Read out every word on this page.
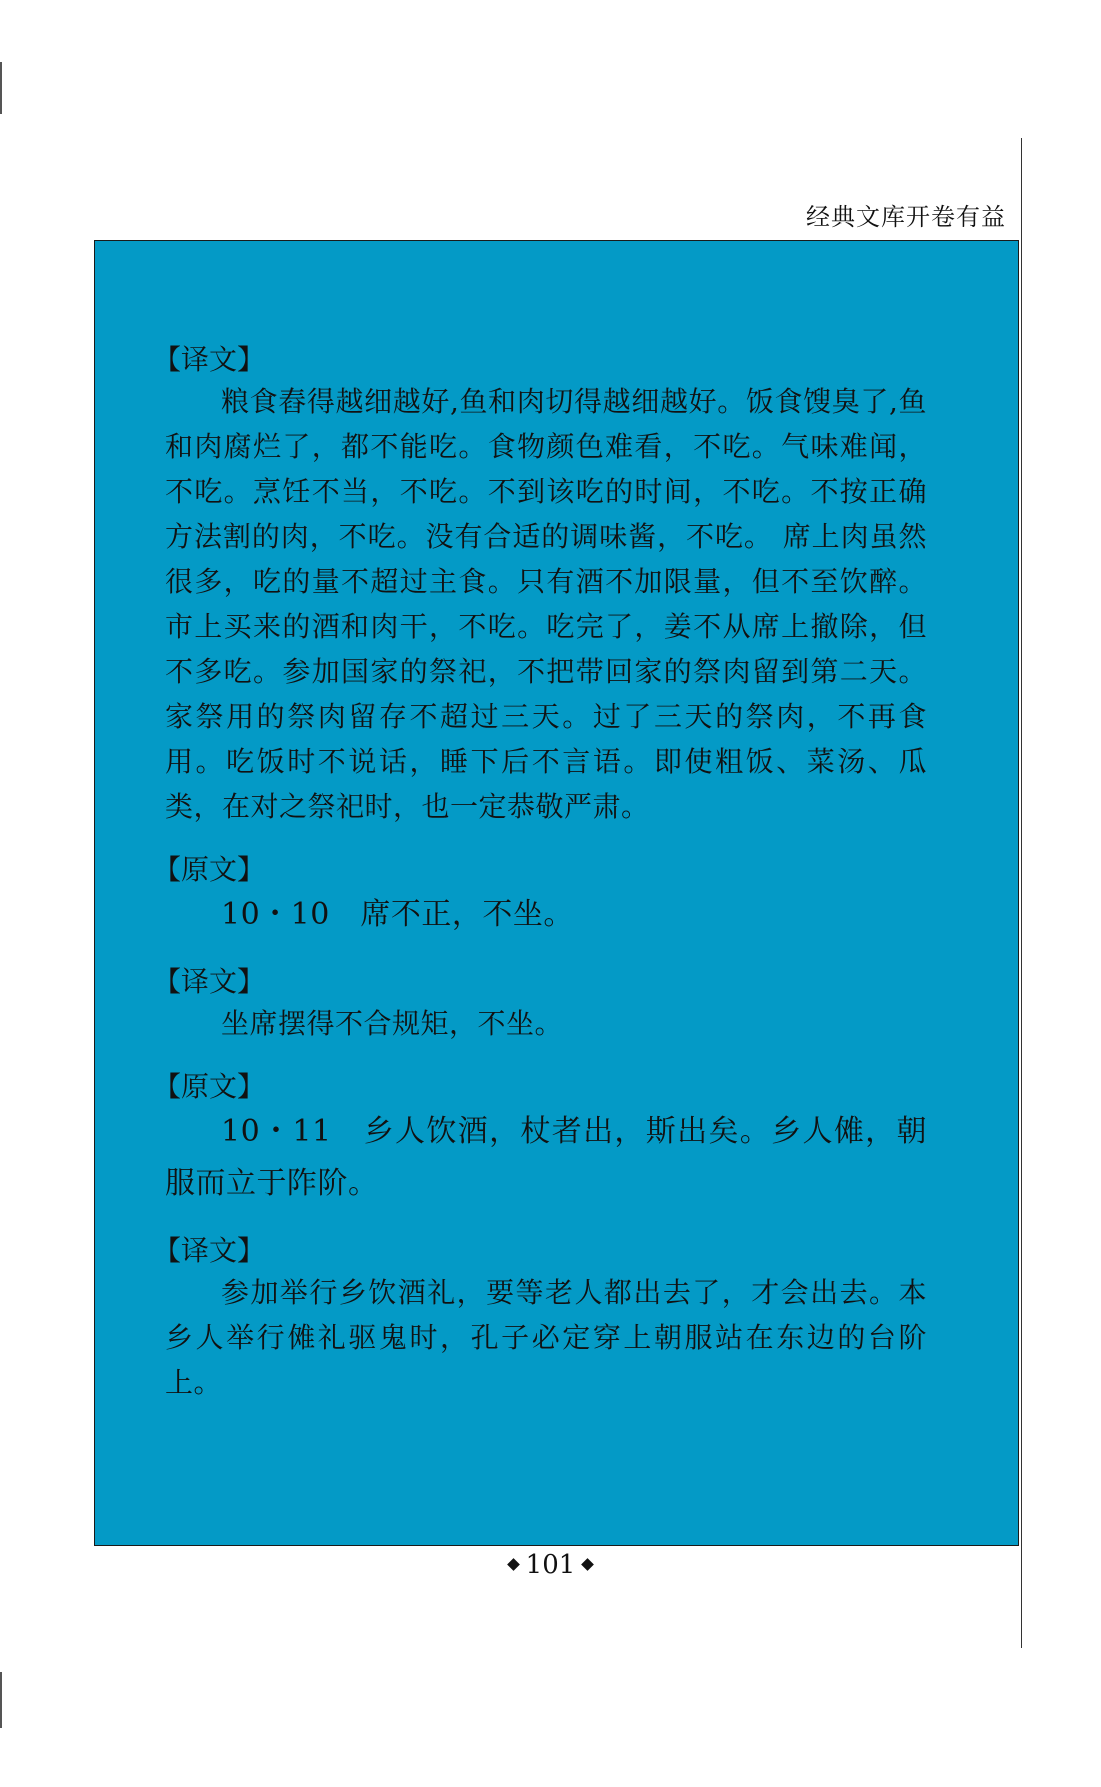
经典文库开卷有益
【译文】
粮食舂得越细越好,鱼和肉切得越细越好。饭食馊臭了,鱼和肉腐烂了，都不能吃。食物颜色难看，不吃。气味难闻，不吃。烹饪不当，不吃。不到该吃的时间，不吃。不按正确方法割的肉，不吃。没有合适的调味酱，不吃。 席上肉虽然很多，吃的量不超过主食。只有酒不加限量，但不至饮醉。市上买来的酒和肉干，不吃。吃完了，姜不从席上撤除，但不多吃。参加国家的祭祀，不把带回家的祭肉留到第二天。家祭用的祭肉留存不超过三天。过了三天的祭肉，不再食用。吃饭时不说话，睡下后不言语。即使粗饭、菜汤、瓜类，在对之祭祀时，也一定恭敬严肃。
【原文】
10・10　席不正，不坐。
【译文】
坐席摆得不合规矩，不坐。
【原文】
10・11　乡人饮酒，杖者出，斯出矣。乡人傩，朝服而立于阼阶。
【译文】
参加举行乡饮酒礼，要等老人都出去了，才会出去。本乡人举行傩礼驱鬼时，孔子必定穿上朝服站在东边的台阶上。
101
